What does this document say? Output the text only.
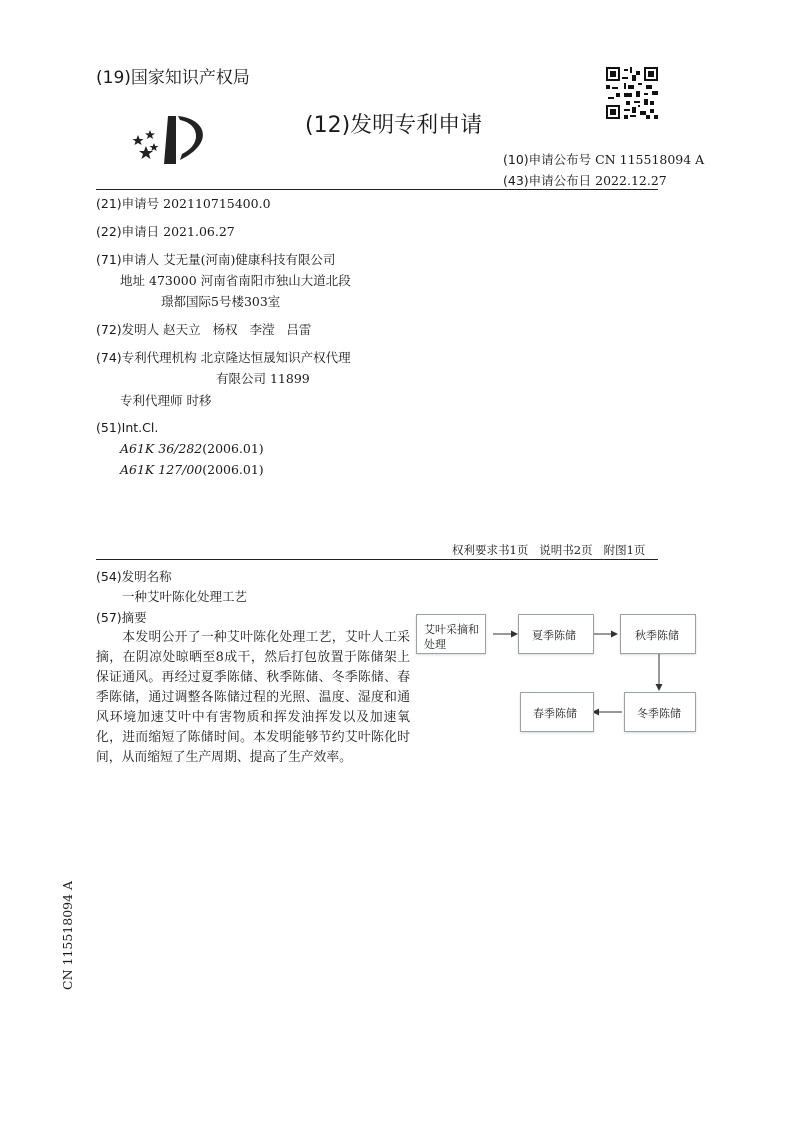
(19)国家知识产权局
(12)发明专利申请
(10)申请公布号 CN 115518094 A
(43)申请公布日 2022.12.27
(21)申请号 202110715400.0
(22)申请日 2021.06.27
(71)申请人 艾无量(河南)健康科技有限公司
地址 473000 河南省南阳市独山大道北段
璟都国际5号楼303室
(72)发明人 赵天立   杨权   李滢   吕雷
(74)专利代理机构 北京隆达恒晟知识产权代理
有限公司 11899
专利代理师 时移
(51)Int.Cl.
A61K 36/282(2006.01)
A61K 127/00(2006.01)
权利要求书1页   说明书2页   附图1页
(54)发明名称
一种艾叶陈化处理工艺
(57)摘要
本发明公开了一种艾叶陈化处理工艺，艾叶人工采摘，在阴凉处晾晒至8成干，然后打包放置于陈储架上保证通风。再经过夏季陈储、秋季陈储、冬季陈储、春季陈储，通过调整各陈储过程的光照、温度、湿度和通风环境加速艾叶中有害物质和挥发油挥发以及加速氧化，进而缩短了陈储时间。本发明能够节约艾叶陈化时间，从而缩短了生产周期、提高了生产效率。
艾叶采摘和
处理
夏季陈储	秋季陈储
冬季陈储
春季陈储
CN 115518094 A
